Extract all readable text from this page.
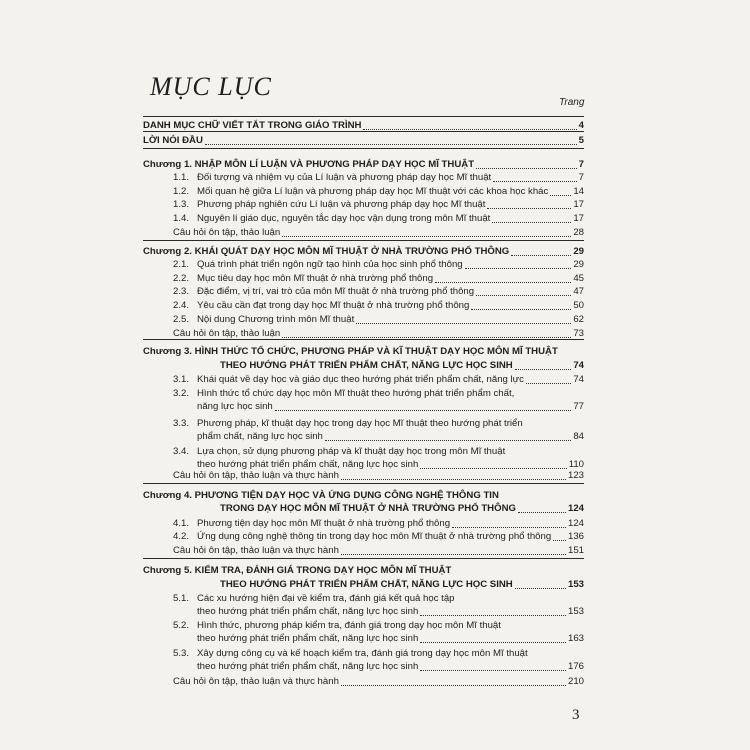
MỤC LỤC
Trang
DANH MỤC CHỮ VIẾT TẮT TRONG GIÁO TRÌNH	4
LỜI NÓI ĐẦU	5
Chương 1. NHẬP MÔN LÍ LUẬN VÀ PHƯƠNG PHÁP DẠY HỌC MĨ THUẬT	7
1.1. Đối tượng và nhiệm vụ của Lí luận và phương pháp dạy học Mĩ thuật	7
1.2. Mối quan hệ giữa Lí luận và phương pháp dạy học Mĩ thuật với các khoa học khác	14
1.3. Phương pháp nghiên cứu Lí luận và phương pháp dạy học Mĩ thuật	17
1.4. Nguyên lí giáo dục, nguyên tắc dạy học vận dụng trong môn Mĩ thuật	17
Câu hỏi ôn tập, thảo luận	28
Chương 2. KHÁI QUÁT DẠY HỌC MÔN MĨ THUẬT Ở NHÀ TRƯỜNG PHỔ THÔNG	29
2.1. Quá trình phát triển ngôn ngữ tạo hình của học sinh phổ thông	29
2.2. Mục tiêu dạy học môn Mĩ thuật ở nhà trường phổ thông	45
2.3. Đặc điểm, vị trí, vai trò của môn Mĩ thuật ở nhà trường phổ thông	47
2.4. Yêu cầu cần đạt trong dạy học Mĩ thuật ở nhà trường phổ thông	50
2.5. Nội dung Chương trình môn Mĩ thuật	62
Câu hỏi ôn tập, thảo luận	73
Chương 3. HÌNH THỨC TỔ CHỨC, PHƯƠNG PHÁP VÀ KĨ THUẬT DẠY HỌC MÔN MĨ THUẬT
THEO HƯỚNG PHÁT TRIỂN PHẨM CHẤT, NĂNG LỰC HỌC SINH	74
3.1. Khái quát về dạy học và giáo dục theo hướng phát triển phẩm chất, năng lực	74
3.2. Hình thức tổ chức dạy học môn Mĩ thuật theo hướng phát triển phẩm chất,
năng lực học sinh	77
3.3. Phương pháp, kĩ thuật dạy học trong dạy học Mĩ thuật theo hướng phát triển
phẩm chất, năng lực học sinh	84
3.4. Lựa chọn, sử dụng phương pháp và kĩ thuật dạy học trong môn Mĩ thuật
theo hướng phát triển phẩm chất, năng lực học sinh	110
Câu hỏi ôn tập, thảo luận và thực hành	123
Chương 4. PHƯƠNG TIỆN DẠY HỌC VÀ ỨNG DỤNG CÔNG NGHỆ THÔNG TIN
TRONG DẠY HỌC MÔN MĨ THUẬT Ở NHÀ TRƯỜNG PHỔ THÔNG	124
4.1. Phương tiện dạy học môn Mĩ thuật ở nhà trường phổ thông	124
4.2. Ứng dụng công nghệ thông tin trong dạy học môn Mĩ thuật ở nhà trường phổ thông 136
Câu hỏi ôn tập, thảo luận và thực hành	151
Chương 5. KIỂM TRA, ĐÁNH GIÁ TRONG DẠY HỌC MÔN MĨ THUẬT
THEO HƯỚNG PHÁT TRIỂN PHẨM CHẤT, NĂNG LỰC HỌC SINH	153
5.1. Các xu hướng hiện đại về kiểm tra, đánh giá kết quả học tập
theo hướng phát triển phẩm chất, năng lực học sinh	153
5.2. Hình thức, phương pháp kiểm tra, đánh giá trong dạy học môn Mĩ thuật
theo hướng phát triển phẩm chất, năng lực học sinh	163
5.3. Xây dựng công cụ và kế hoạch kiểm tra, đánh giá trong dạy học môn Mĩ thuật
theo hướng phát triển phẩm chất, năng lực học sinh	176
Câu hỏi ôn tập, thảo luận và thực hành	210
3
